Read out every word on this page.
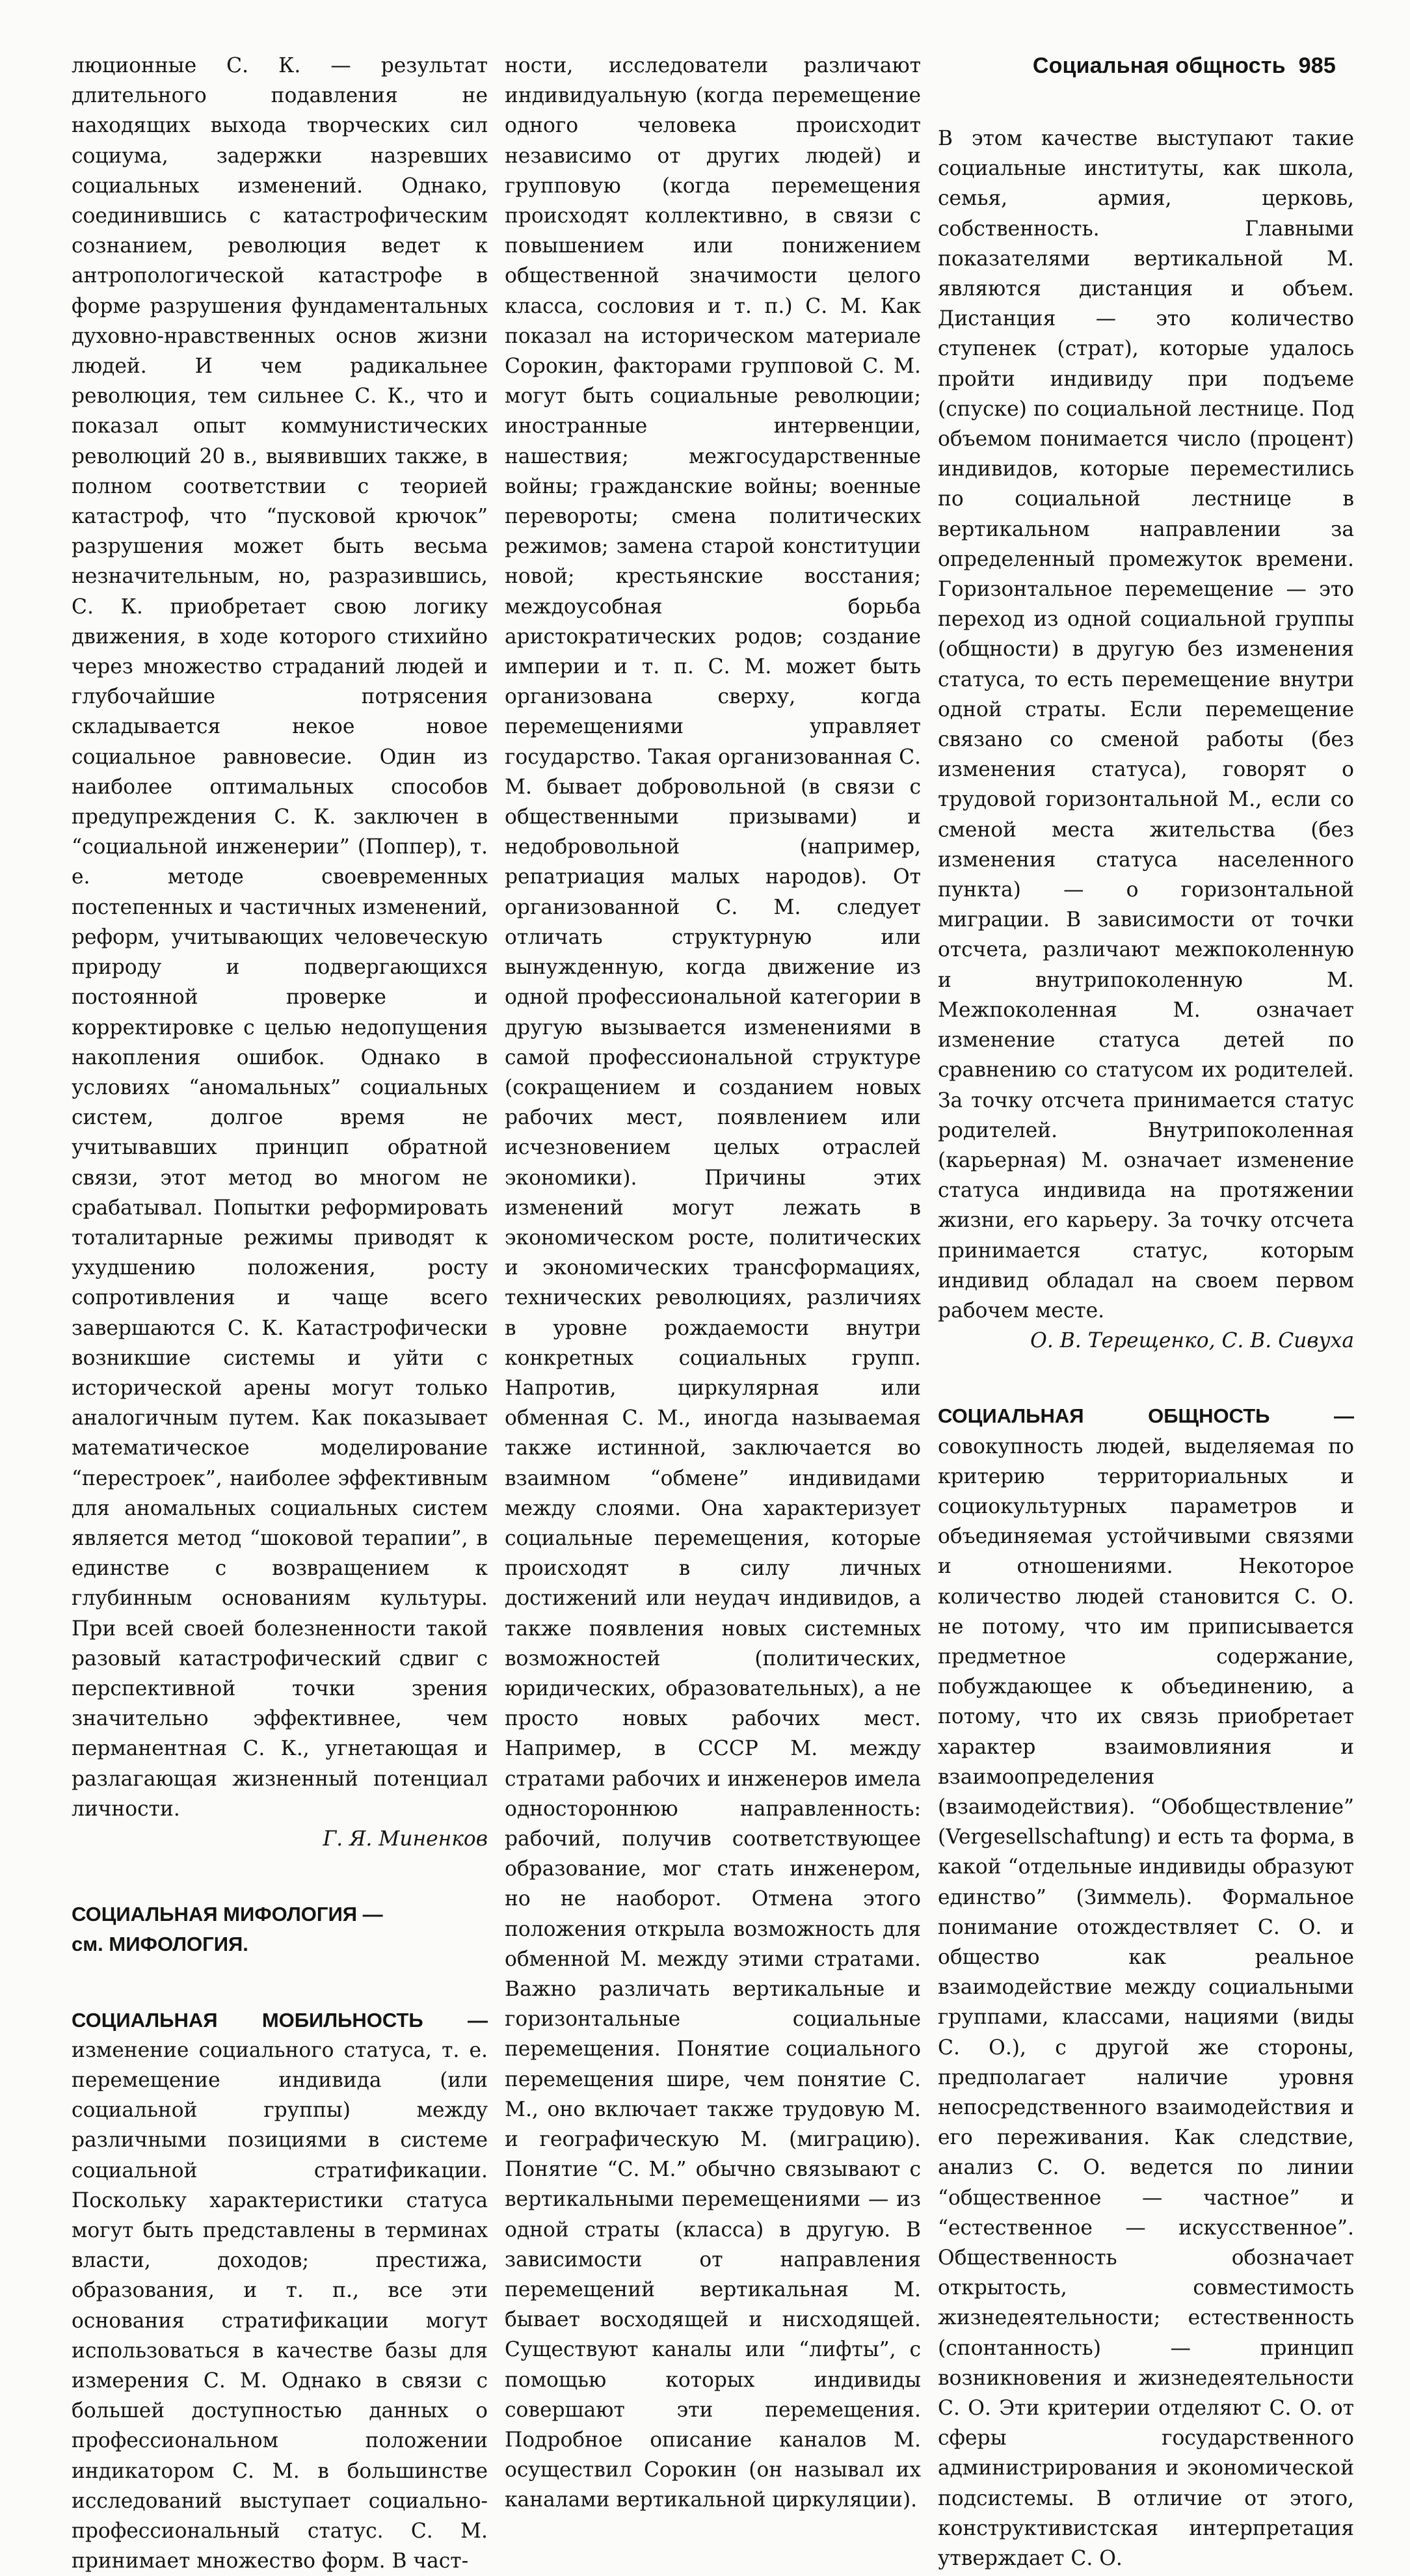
Социальная общность 985

люционные С. К. — результат длительного подавления не находящих выхода творческих сил социума, задержки назревших социальных изменений. Однако, соединившись с катастрофическим сознанием, революция ведет к антропологической катастрофе в форме разрушения фундаментальных духовно-нравственных основ жизни людей. И чем радикальнее революция, тем сильнее С. К., что и показал опыт коммунистических революций 20 в., выявивших также, в полном соответствии с теорией катастроф, что “пусковой крючок” разрушения может быть весьма незначительным, но, разразившись, С. К. приобретает свою логику движения, в ходе которого стихийно через множество страданий людей и глубочайшие потрясения складывается некое новое социальное равновесие. Один из наиболее оптимальных способов предупреждения С. К. заключен в “социальной инженерии” (Поппер), т. е. методе своевременных постепенных и частичных изменений, реформ, учитывающих человеческую природу и подвергающихся постоянной проверке и корректировке с целью недопущения накопления ошибок. Однако в условиях “аномальных” социальных систем, долгое время не учитывавших принцип обратной связи, этот метод во многом не срабатывал. Попытки реформировать тоталитарные режимы приводят к ухудшению положения, росту сопротивления и чаще всего завершаются С. К. Катастрофически возникшие системы и уйти с исторической арены могут только аналогичным путем. Как показывает математическое моделирование “перестроек”, наиболее эффективным для аномальных социальных систем является метод “шоковой терапии”, в единстве с возвращением к глубинным основаниям культуры. При всей своей болезненности такой разовый катастрофический сдвиг с перспективной точки зрения значительно эффективнее, чем перманентная С. К., угнетающая и разлагающая жизненный потенциал личности.

Г. Я. Миненков

СОЦИАЛЬНАЯ МИФОЛОГИЯ —
см. МИФОЛОГИЯ.

СОЦИАЛЬНАЯ МОБИЛЬНОСТЬ — изменение социального статуса, т. е. перемещение индивида (или социальной группы) между различными позициями в системе социальной стратификации. Поскольку характеристики статуса могут быть представлены в терминах власти, доходов; престижа, образования, и т. п., все эти основания стратификации могут использоваться в качестве базы для измерения С. М. Однако в связи с большей доступностью данных о профессиональном положении индикатором С. М. в большинстве исследований выступает социально-профессиональный статус. С. М. принимает множество форм. В част-

ности, исследователи различают индивидуальную (когда перемещение одного человека происходит независимо от других людей) и групповую (когда перемещения происходят коллективно, в связи с повышением или понижением общественной значимости целого класса, сословия и т. п.) С. М. Как показал на историческом материале Сорокин, факторами групповой С. М. могут быть социальные революции; иностранные интервенции, нашествия; межгосударственные войны; гражданские войны; военные перевороты; смена политических режимов; замена старой конституции новой; крестьянские восстания; междоусобная борьба аристократических родов; создание империи и т. п. С. М. может быть организована сверху, когда перемещениями управляет государство. Такая организованная С. М. бывает добровольной (в связи с общественными призывами) и недобровольной (например, репатриация малых народов). От организованной С. М. следует отличать структурную или вынужденную, когда движение из одной профессиональной категории в другую вызывается изменениями в самой профессиональной структуре (сокращением и созданием новых рабочих мест, появлением или исчезновением целых отраслей экономики). Причины этих изменений могут лежать в экономическом росте, политических и экономических трансформациях, технических революциях, различиях в уровне рождаемости внутри конкретных социальных групп. Напротив, циркулярная или обменная С. М., иногда называемая также истинной, заключается во взаимном “обмене” индивидами между слоями. Она характеризует социальные перемещения, которые происходят в силу личных достижений или неудач индивидов, а также появления новых системных возможностей (политических, юридических, образовательных), а не просто новых рабочих мест. Например, в СССР М. между стратами рабочих и инженеров имела одностороннюю направленность: рабочий, получив соответствующее образование, мог стать инженером, но не наоборот. Отмена этого положения открыла возможность для обменной М. между этими стратами. Важно различать вертикальные и горизонтальные социальные перемещения. Понятие социального перемещения шире, чем понятие С. М., оно включает также трудовую М. и географическую М. (миграцию). Понятие “С. М.” обычно связывают с вертикальными перемещениями — из одной страты (класса) в другую. В зависимости от направления перемещений вертикальная М. бывает восходящей и нисходящей. Существуют каналы или “лифты”, с помощью которых индивиды совершают эти перемещения. Подробное описание каналов М. осуществил Сорокин (он называл их каналами вертикальной циркуляции).

В этом качестве выступают такие социальные институты, как школа, семья, армия, церковь, собственность. Главными показателями вертикальной М. являются дистанция и объем. Дистанция — это количество ступенек (страт), которые удалось пройти индивиду при подъеме (спуске) по социальной лестнице. Под объемом понимается число (процент) индивидов, которые переместились по социальной лестнице в вертикальном направлении за определенный промежуток времени. Горизонтальное перемещение — это переход из одной социальной группы (общности) в другую без изменения статуса, то есть перемещение внутри одной страты. Если перемещение связано со сменой работы (без изменения статуса), говорят о трудовой горизонтальной М., если со сменой места жительства (без изменения статуса населенного пункта) — о горизонтальной миграции. В зависимости от точки отсчета, различают межпоколенную и внутрипоколенную М. Межпоколенная М. означает изменение статуса детей по сравнению со статусом их родителей. За точку отсчета принимается статус родителей. Внутрипоколенная (карьерная) М. означает изменение статуса индивида на протяжении жизни, его карьеру. За точку отсчета принимается статус, которым индивид обладал на своем первом рабочем месте.

О. В. Терещенко, С. В. Сивуха

СОЦИАЛЬНАЯ ОБЩНОСТЬ — совокупность людей, выделяемая по критерию территориальных и социокультурных параметров и объединяемая устойчивыми связями и отношениями. Некоторое количество людей становится С. О. не потому, что им приписывается предметное содержание, побуждающее к объединению, а потому, что их связь приобретает характер взаимовлияния и взаимоопределения (взаимодействия). “Обобществление” (Vergesellschaftung) и есть та форма, в какой “отдельные индивиды образуют единство” (Зиммель). Формальное понимание отождествляет С. О. и общество как реальное взаимодействие между социальными группами, классами, нациями (виды С. О.), с другой же стороны, предполагает наличие уровня непосредственного взаимодействия и его переживания. Как следствие, анализ С. О. ведется по линии “общественное — частное” и “естественное — искусственное”. Общественность обозначает открытость, совместимость жизнедеятельности; естественность (спонтанность) — принцип возникновения и жизнедеятельности С. О. Эти критерии отделяют С. О. от сферы государственного администрирования и экономической подсистемы. В отличие от этого, конструктивистская интерпретация утверждает С. О.
